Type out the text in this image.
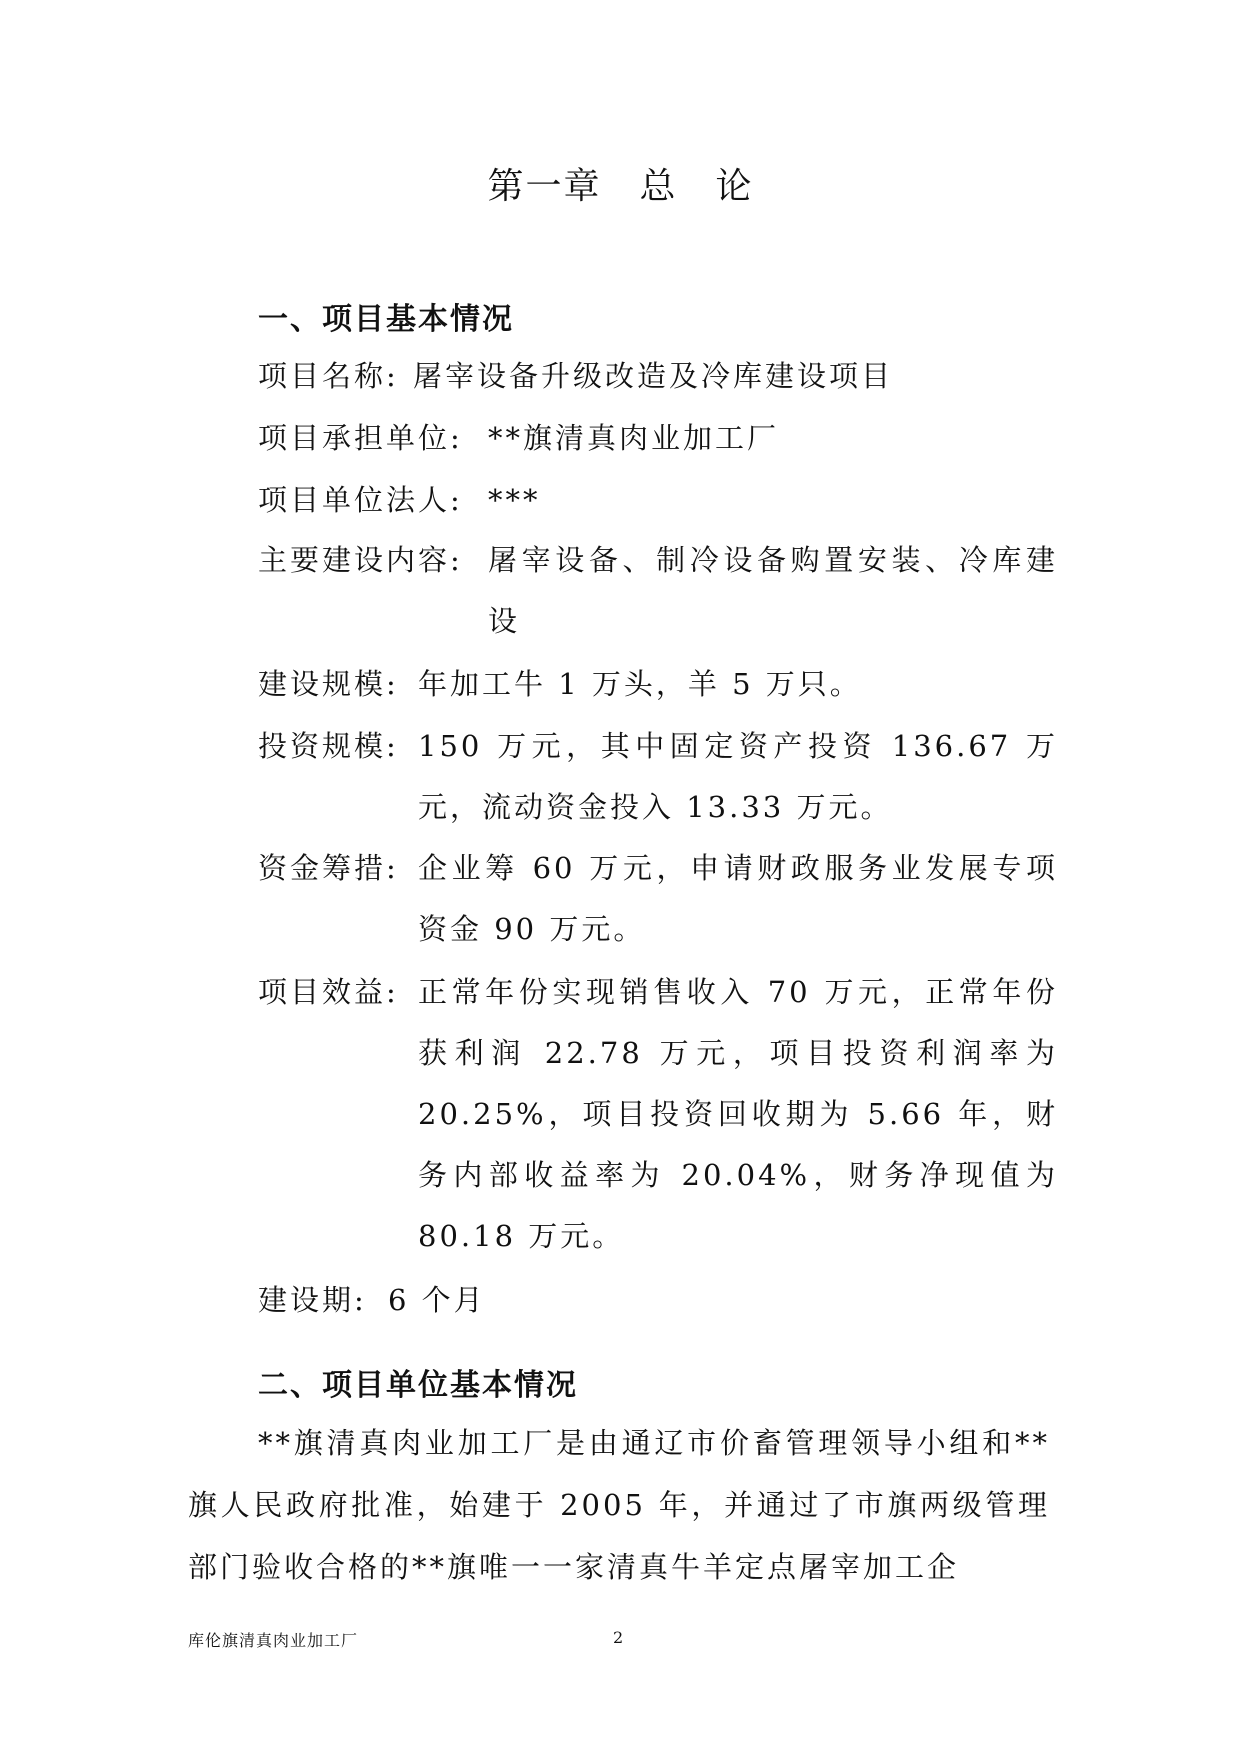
第一章　总　论
一、项目基本情况
项目名称: 屠宰设备升级改造及冷库建设项目
项目承担单位: **旗清真肉业加工厂
项目单位法人: ***
主要建设内容: 屠宰设备、制冷设备购置安装、冷库建设
建设规模: 年加工牛 1 万头，羊 5 万只。
投资规模: 150 万元，其中固定资产投资 136.67 万元，流动资金投入 13.33 万元。
资金筹措: 企业筹 60 万元，申请财政服务业发展专项资金 90 万元。
项目效益: 正常年份实现销售收入 70 万元，正常年份获利润 22.78 万元，项目投资利润率为 20.25%，项目投资回收期为 5.66 年，财务内部收益率为 20.04%，财务净现值为 80.18 万元。
建设期: 6 个月
二、项目单位基本情况
**旗清真肉业加工厂是由通辽市价畜管理领导小组和**旗人民政府批准，始建于 2005 年，并通过了市旗两级管理部门验收合格的**旗唯一一家清真牛羊定点屠宰加工企
库伦旗清真肉业加工厂	2
